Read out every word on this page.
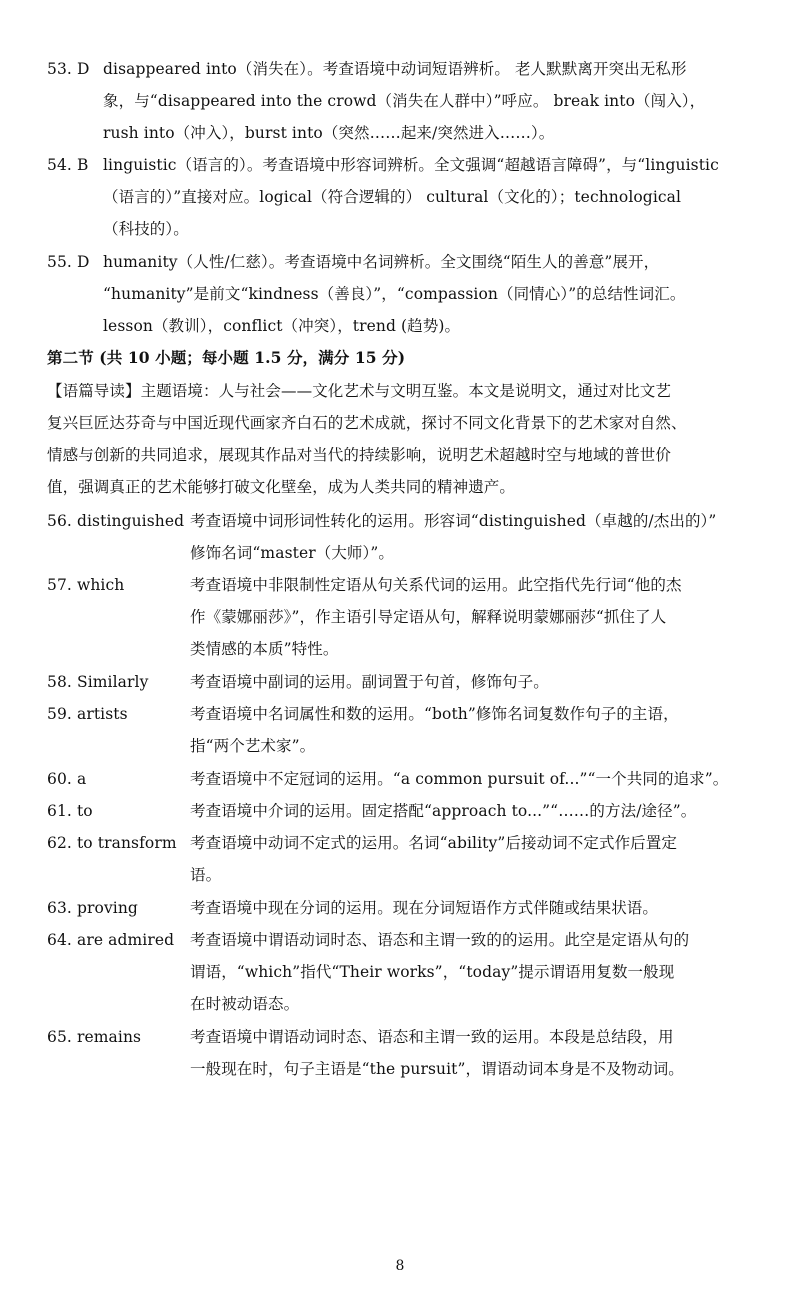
53. D disappeared into（消失在）。考查语境中动词短语辨析。 老人默默离开突出无私形
象，与“disappeared into the crowd（消失在人群中）”呼应。 break into（闯入），
rush into（冲入），burst into（突然……起来/突然进入……）。
54. B linguistic（语言的）。考查语境中形容词辨析。全文强调“超越语言障碍”，与“linguistic
（语言的）”直接对应。logical（符合逻辑的） cultural（文化的）；technological
（科技的）。
55. D humanity（人性/仁慈）。考查语境中名词辨析。全文围绕“陌生人的善意”展开，
“humanity”是前文“kindness（善良）”，“compassion（同情心）”的总结性词汇。
lesson（教训），conflict（冲突），trend (趋势)。
第二节 (共 10 小题；每小题 1.5 分，满分 15 分)
【语篇导读】主题语境：人与社会——文化艺术与文明互鉴。本文是说明文，通过对比文艺
复兴巨匠达芬奇与中国近现代画家齐白石的艺术成就，探讨不同文化背景下的艺术家对自然、
情感与创新的共同追求，展现其作品对当代的持续影响，说明艺术超越时空与地域的普世价
值，强调真正的艺术能够打破文化壁垒，成为人类共同的精神遗产。
56. distinguished 考查语境中词形词性转化的运用。形容词“distinguished（卓越的/杰出的）”
修饰名词“master（大师）”。
57. which	考查语境中非限制性定语从句关系代词的运用。此空指代先行词“他的杰
作《蒙娜丽莎》”，作主语引导定语从句，解释说明蒙娜丽莎“抓住了人
类情感的本质”特性。
58. Similarly	考查语境中副词的运用。副词置于句首，修饰句子。
59. artists	考查语境中名词属性和数的运用。“both”修饰名词复数作句子的主语，
指“两个艺术家”。
60. a	考查语境中不定冠词的运用。“a common pursuit of...”“一个共同的追求”。
61. to	考查语境中介词的运用。固定搭配“approach to...”“……的方法/途径”。
62. to transform 考查语境中动词不定式的运用。名词“ability”后接动词不定式作后置定
语。
63. proving	考查语境中现在分词的运用。现在分词短语作方式伴随或结果状语。
64. are admired 考查语境中谓语动词时态、语态和主谓一致的的运用。此空是定语从句的
谓语，“which”指代“Their works”，“today”提示谓语用复数一般现
在时被动语态。
65. remains	考查语境中谓语动词时态、语态和主谓一致的运用。本段是总结段，用
一般现在时，句子主语是“the pursuit”，谓语动词本身是不及物动词。
8
